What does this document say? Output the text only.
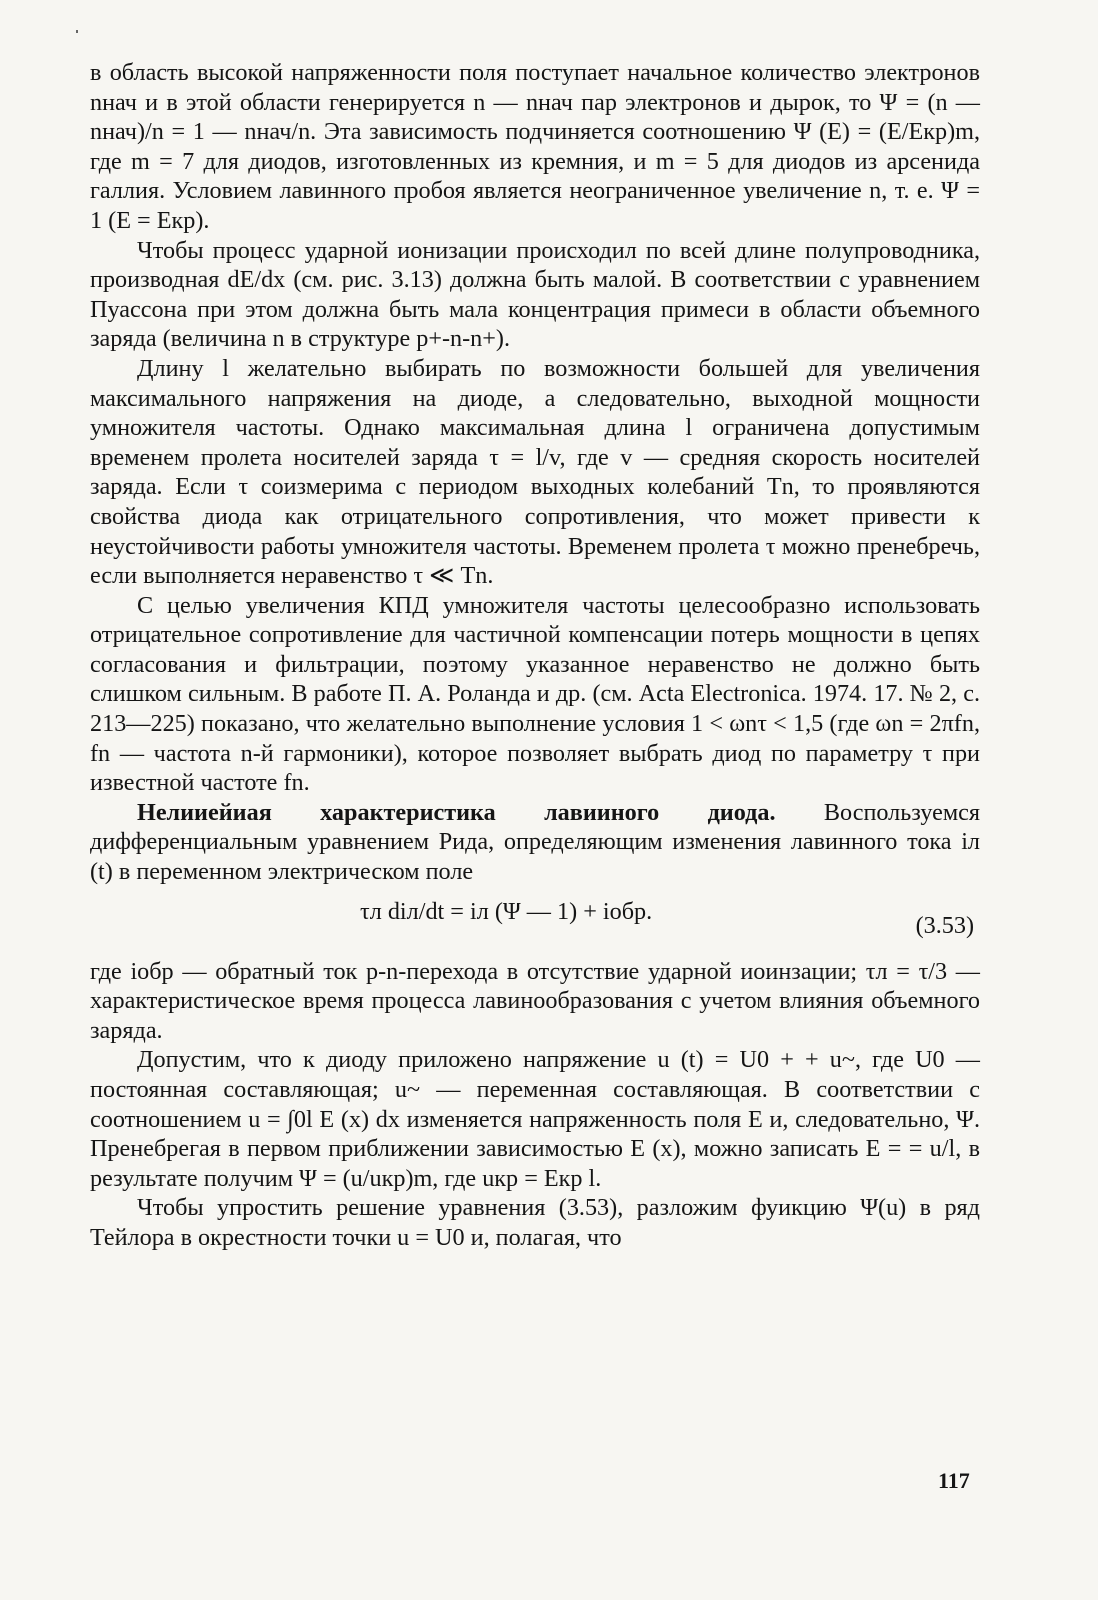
в область высокой напряженности поля поступает начальное количество электронов nнач и в этой области генерируется n — nнач пар электронов и дырок, то Ψ = (n — nнач)/n = 1 — nнач/n. Эта зависимость подчиняется соотношению Ψ (E) = (E/Eкр)m, где m = 7 для диодов, изготовленных из кремния, и m = 5 для диодов из арсенида галлия. Условием лавинного пробоя является неограниченное увеличение n, т. е. Ψ = 1 (E = Eкр).

Чтобы процесс ударной ионизации происходил по всей длине полупроводника, производная dE/dx (см. рис. 3.13) должна быть малой. В соответствии с уравнением Пуассона при этом должна быть мала концентрация примеси в области объемного заряда (величина n в структуре p+-n-n+).

Длину l желательно выбирать по возможности большей для увеличения максимального напряжения на диоде, а следовательно, выходной мощности умножителя частоты. Однако максимальная длина l ограничена допустимым временем пролета носителей заряда τ = l/v, где v — средняя скорость носителей заряда. Если τ соизмерима с периодом выходных колебаний Tn, то проявляются свойства диода как отрицательного сопротивления, что может привести к неустойчивости работы умножителя частоты. Временем пролета τ можно пренебречь, если выполняется неравенство τ ≪ Tn.

С целью увеличения КПД умножителя частоты целесообразно использовать отрицательное сопротивление для частичной компенсации потерь мощности в цепях согласования и фильтрации, поэтому указанное неравенство не должно быть слишком сильным. В работе П. А. Роланда и др. (см. Acta Electronica. 1974. 17. № 2, с. 213—225) показано, что желательно выполнение условия 1 < ωnτ < 1,5 (где ωn = 2πfn, fn — частота n-й гармоники), которое позволяет выбрать диод по параметру τ при известной частоте fn.

Нелииейиая характеристика лавииного диода. Воспользуемся дифференциальным уравнением Рида, определяющим изменения лавинного тока iл (t) в переменном электрическом поле

τл diл/dt = iл (Ψ — 1) + iобр.
(3.53)

где iобр — обратный ток p-n-перехода в отсутствие ударной иоинзации; τл = τ/3 — характеристическое время процесса лавинообразования с учетом влияния объемного заряда.

Допустим, что к диоду приложено напряжение u (t) = U0 + + u~, где U0 — постоянная составляющая; u~ — переменная составляющая. В соответствии с соотношением u = ∫0l E (x) dx изменяется напряженность поля E и, следовательно, Ψ. Пренебрегая в первом приближении зависимостью E (x), можно записать E = = u/l, в результате получим Ψ = (u/uкр)m, где uкр = Eкр l.

Чтобы упростить решение уравнения (3.53), разложим фуикцию Ψ(u) в ряд Тейлора в окрестности точки u = U0 и, полагая, что

117
